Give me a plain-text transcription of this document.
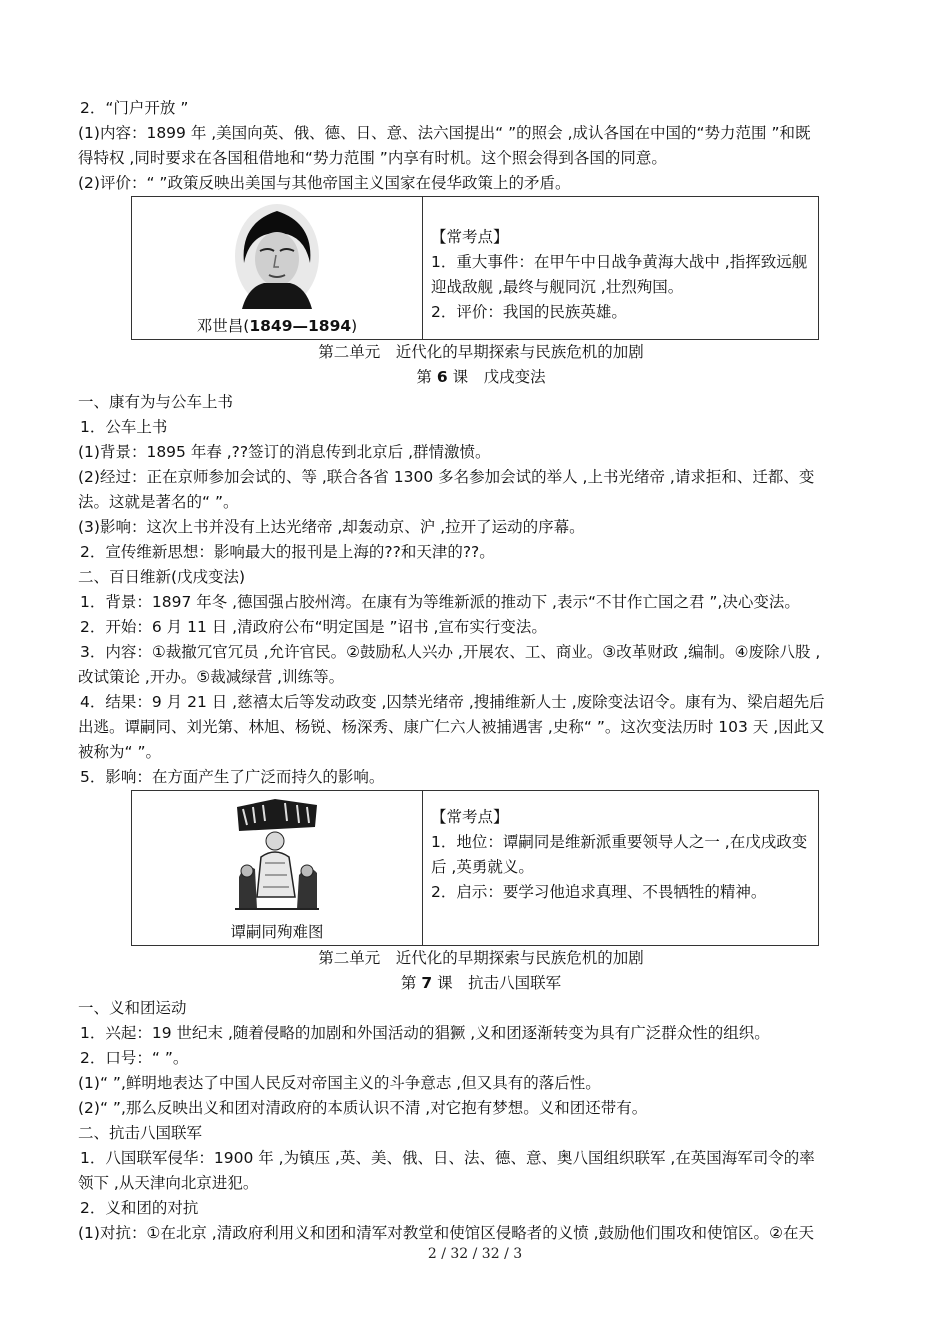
2．“门户开放 ”

(1)内容：1899 年 ,美国向英、俄、德、日、意、法六国提出“ ”的照会 ,成认各国在中国的“势力范围 ”和既

得特权 ,同时要求在各国租借地和“势力范围 ”内享有时机。这个照会得到各国的同意。

(2)评价：“ ”政策反映出美国与其他帝国主义国家在侵华政策上的矛盾。

邓世昌(1849—1894)

【常考点】

1．重大事件：在甲午中日战争黄海大战中 ,指挥致远舰迎战敌舰 ,最终与舰同沉 ,壮烈殉国。

2．评价：我国的民族英雄。

第二单元　近代化的早期探索与民族危机的加剧

第 6 课　戊戌变法

一、康有为与公车上书

1．公车上书

(1)背景：1895 年春 ,??签订的消息传到北京后 ,群情激愤。

(2)经过：正在京师参加会试的、等 ,联合各省 1300 多名参加会试的举人 ,上书光绪帝 ,请求拒和、迁都、变

法。这就是著名的“ ”。

(3)影响：这次上书并没有上达光绪帝 ,却轰动京、沪 ,拉开了运动的序幕。

2．宣传维新思想：影响最大的报刊是上海的??和天津的??。

二、百日维新(戊戌变法)

1．背景：1897 年冬 ,德国强占胶州湾。在康有为等维新派的推动下 ,表示“不甘作亡国之君 ”,决心变法。

2．开始：6 月 11 日 ,清政府公布“明定国是 ”诏书 ,宣布实行变法。

3．内容：①裁撤冗官冗员 ,允许官民。②鼓励私人兴办 ,开展农、工、商业。③改革财政 ,编制。④废除八股 ,

改试策论 ,开办。⑤裁减绿营 ,训练等。

4．结果：9 月 21 日 ,慈禧太后等发动政变 ,囚禁光绪帝 ,搜捕维新人士 ,废除变法诏令。康有为、梁启超先后

出逃。谭嗣同、刘光第、林旭、杨锐、杨深秀、康广仁六人被捕遇害 ,史称“ ”。这次变法历时 103 天 ,因此又

被称为“ ”。

5．影响：在方面产生了广泛而持久的影响。

谭嗣同殉难图

【常考点】

1．地位：谭嗣同是维新派重要领导人之一 ,在戊戌政变后 ,英勇就义。

2．启示：要学习他追求真理、不畏牺牲的精神。

第二单元　近代化的早期探索与民族危机的加剧

第 7 课　抗击八国联军

一、义和团运动

1．兴起：19 世纪末 ,随着侵略的加剧和外国活动的猖獗 ,义和团逐渐转变为具有广泛群众性的组织。

2．口号：“ ”。

(1)“ ”,鲜明地表达了中国人民反对帝国主义的斗争意志 ,但又具有的落后性。

(2)“ ”,那么反映出义和团对清政府的本质认识不清 ,对它抱有梦想。义和团还带有。

二、抗击八国联军

1．八国联军侵华：1900 年 ,为镇压 ,英、美、俄、日、法、德、意、奥八国组织联军 ,在英国海军司令的率

领下 ,从天津向北京进犯。

2．义和团的对抗

(1)对抗：①在北京 ,清政府利用义和团和清军对教堂和使馆区侵略者的义愤 ,鼓励他们围攻和使馆区。②在天

2 / 32 / 32 / 3
